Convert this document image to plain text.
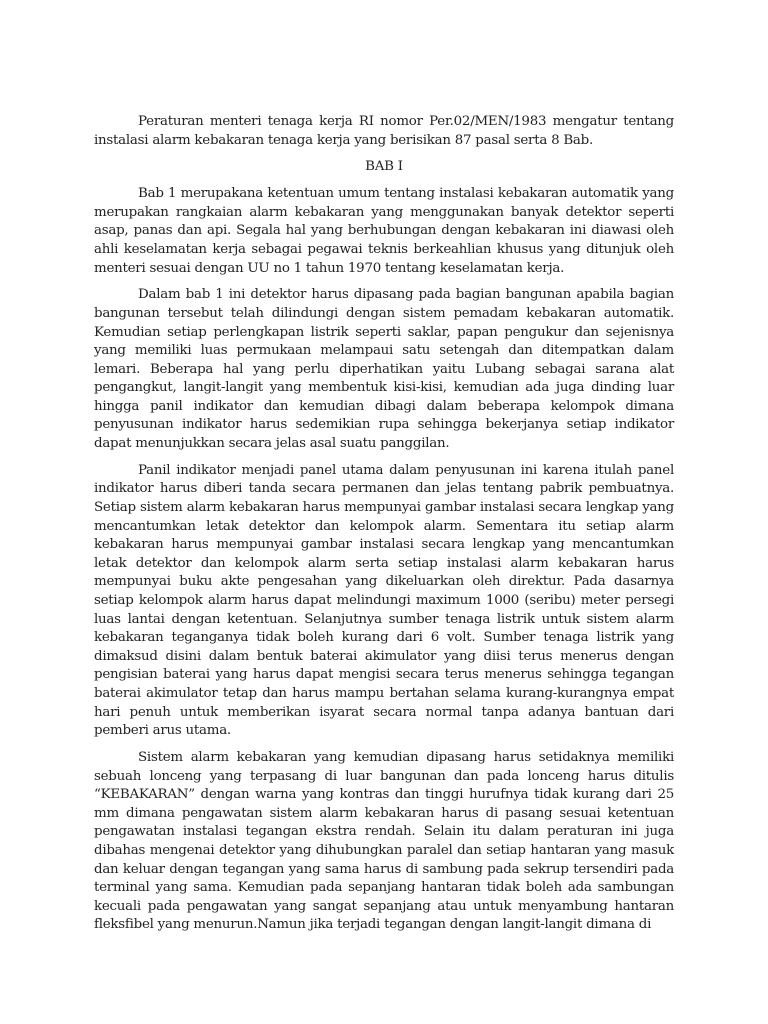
Peraturan menteri tenaga kerja RI nomor Per.02/MEN/1983 mengatur tentang instalasi alarm kebakaran tenaga kerja yang berisikan 87 pasal serta 8 Bab.

BAB I

Bab 1 merupakana ketentuan umum tentang instalasi kebakaran automatik yang merupakan rangkaian alarm kebakaran yang menggunakan banyak detektor seperti asap, panas dan api. Segala hal yang berhubungan dengan kebakaran ini diawasi oleh ahli keselamatan kerja sebagai pegawai teknis berkeahlian khusus yang ditunjuk oleh menteri sesuai dengan UU no 1 tahun 1970 tentang keselamatan kerja.

Dalam bab 1 ini detektor harus dipasang pada bagian bangunan apabila bagian bangunan tersebut telah dilindungi dengan sistem pemadam kebakaran automatik. Kemudian setiap perlengkapan listrik seperti saklar, papan pengukur dan sejenisnya yang memiliki luas permukaan melampaui satu setengah dan ditempatkan dalam lemari. Beberapa hal yang perlu diperhatikan yaitu Lubang sebagai sarana alat pengangkut, langit-langit yang membentuk kisi-kisi, kemudian ada juga dinding luar hingga panil indikator dan kemudian dibagi dalam beberapa kelompok dimana penyusunan indikator harus sedemikian rupa sehingga bekerjanya setiap indikator dapat menunjukkan secara jelas asal suatu panggilan.

Panil indikator menjadi panel utama dalam penyusunan ini karena itulah panel indikator harus diberi tanda secara permanen dan jelas tentang pabrik pembuatnya. Setiap sistem alarm kebakaran harus mempunyai gambar instalasi secara lengkap yang mencantumkan letak detektor dan kelompok alarm. Sementara itu setiap alarm kebakaran harus mempunyai gambar instalasi secara lengkap yang mencantumkan letak detektor dan kelompok alarm serta setiap instalasi alarm kebakaran harus mempunyai buku akte pengesahan yang dikeluarkan oleh direktur. Pada dasarnya setiap kelompok alarm harus dapat melindungi maximum 1000 (seribu) meter persegi luas lantai dengan ketentuan. Selanjutnya sumber tenaga listrik untuk sistem alarm kebakaran teganganya tidak boleh kurang dari 6 volt. Sumber tenaga listrik yang dimaksud disini dalam bentuk baterai akimulator yang diisi terus menerus dengan pengisian baterai yang harus dapat mengisi secara terus menerus sehingga tegangan baterai akimulator tetap dan harus mampu bertahan selama kurang-kurangnya empat hari penuh untuk memberikan isyarat secara normal tanpa adanya bantuan dari pemberi arus utama.

Sistem alarm kebakaran yang kemudian dipasang harus setidaknya memiliki sebuah lonceng yang terpasang di luar bangunan dan pada lonceng harus ditulis “KEBAKARAN” dengan warna yang kontras dan tinggi hurufnya tidak kurang dari 25 mm dimana pengawatan sistem alarm kebakaran harus di pasang sesuai ketentuan pengawatan instalasi tegangan ekstra rendah. Selain itu dalam peraturan ini juga dibahas mengenai detektor yang dihubungkan paralel dan setiap hantaran yang masuk dan keluar dengan tegangan yang sama harus di sambung pada sekrup tersendiri pada terminal yang sama. Kemudian pada sepanjang hantaran tidak boleh ada sambungan kecuali pada pengawatan yang sangat sepanjang atau untuk menyambung hantaran fleksfibel yang menurun.Namun jika terjadi tegangan dengan langit-langit dimana di
